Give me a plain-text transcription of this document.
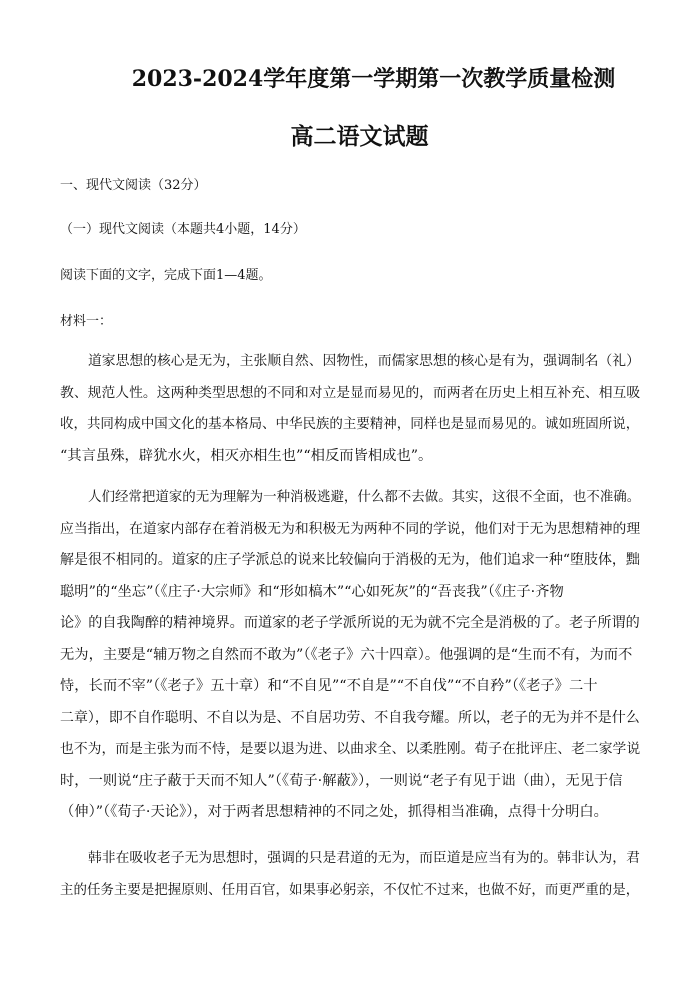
2023-2024学年度第一学期第一次教学质量检测
高二语文试题
一、现代文阅读（32分）
（一）现代文阅读（本题共4小题，14分）
阅读下面的文字，完成下面1—4题。
材料一：
道家思想的核心是无为，主张顺自然、因物性，而儒家思想的核心是有为，强调制名（礼）
教、规范人性。这两种类型思想的不同和对立是显而易见的，而两者在历史上相互补充、相互吸
收，共同构成中国文化的基本格局、中华民族的主要精神，同样也是显而易见的。诚如班固所说，
“其言虽殊，辟犹水火，相灭亦相生也”“相反而皆相成也”。
人们经常把道家的无为理解为一种消极逃避，什么都不去做。其实，这很不全面，也不准确。
应当指出，在道家内部存在着消极无为和积极无为两种不同的学说，他们对于无为思想精神的理
解是很不相同的。道家的庄子学派总的说来比较偏向于消极的无为，他们追求一种“堕肢体，黜
聪明”的“坐忘”（《庄子·大宗师》和“形如槁木”“心如死灰”的“吾丧我”（《庄子·齐物
论》的自我陶醉的精神境界。而道家的老子学派所说的无为就不完全是消极的了。老子所谓的
无为，主要是“辅万物之自然而不敢为”（《老子》六十四章）。他强调的是“生而不有，为而不
恃，长而不宰”（《老子》五十章）和“不自见”“不自是”“不自伐”“不自矜”（《老子》二十
二章），即不自作聪明、不自以为是、不自居功劳、不自我夸耀。所以，老子的无为并不是什么
也不为，而是主张为而不恃，是要以退为进、以曲求全、以柔胜刚。荀子在批评庄、老二家学说
时，一则说“庄子蔽于天而不知人”（《荀子·解蔽》），一则说“老子有见于诎（曲），无见于信
（伸）”（《荀子·天论》），对于两者思想精神的不同之处，抓得相当准确，点得十分明白。
韩非在吸收老子无为思想时，强调的只是君道的无为，而臣道是应当有为的。韩非认为，君
主的任务主要是把握原则、任用百官，如果事必躬亲，不仅忙不过来，也做不好，而更严重的是，
